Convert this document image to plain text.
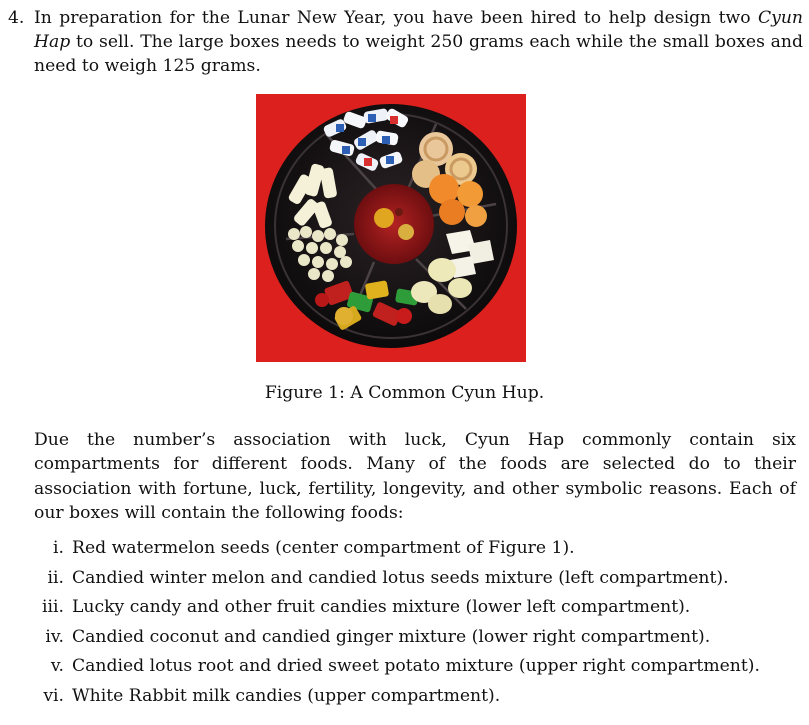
4. In preparation for the Lunar New Year, you have been hired to help design two Cyun Hap to sell. The large boxes needs to weight 250 grams each while the small boxes and need to weigh 125 grams.
Figure 1: A Common Cyun Hup.
Due the number’s association with luck, Cyun Hap commonly contain six compartments for different foods. Many of the foods are selected do to their association with fortune, luck, fertility, longevity, and other symbolic reasons. Each of our boxes will contain the following foods:
i. Red watermelon seeds (center compartment of Figure 1).
ii. Candied winter melon and candied lotus seeds mixture (left compartment).
iii. Lucky candy and other fruit candies mixture (lower left compartment).
iv. Candied coconut and candied ginger mixture (lower right compartment).
v. Candied lotus root and dried sweet potato mixture (upper right compartment).
vi. White Rabbit milk candies (upper compartment).
